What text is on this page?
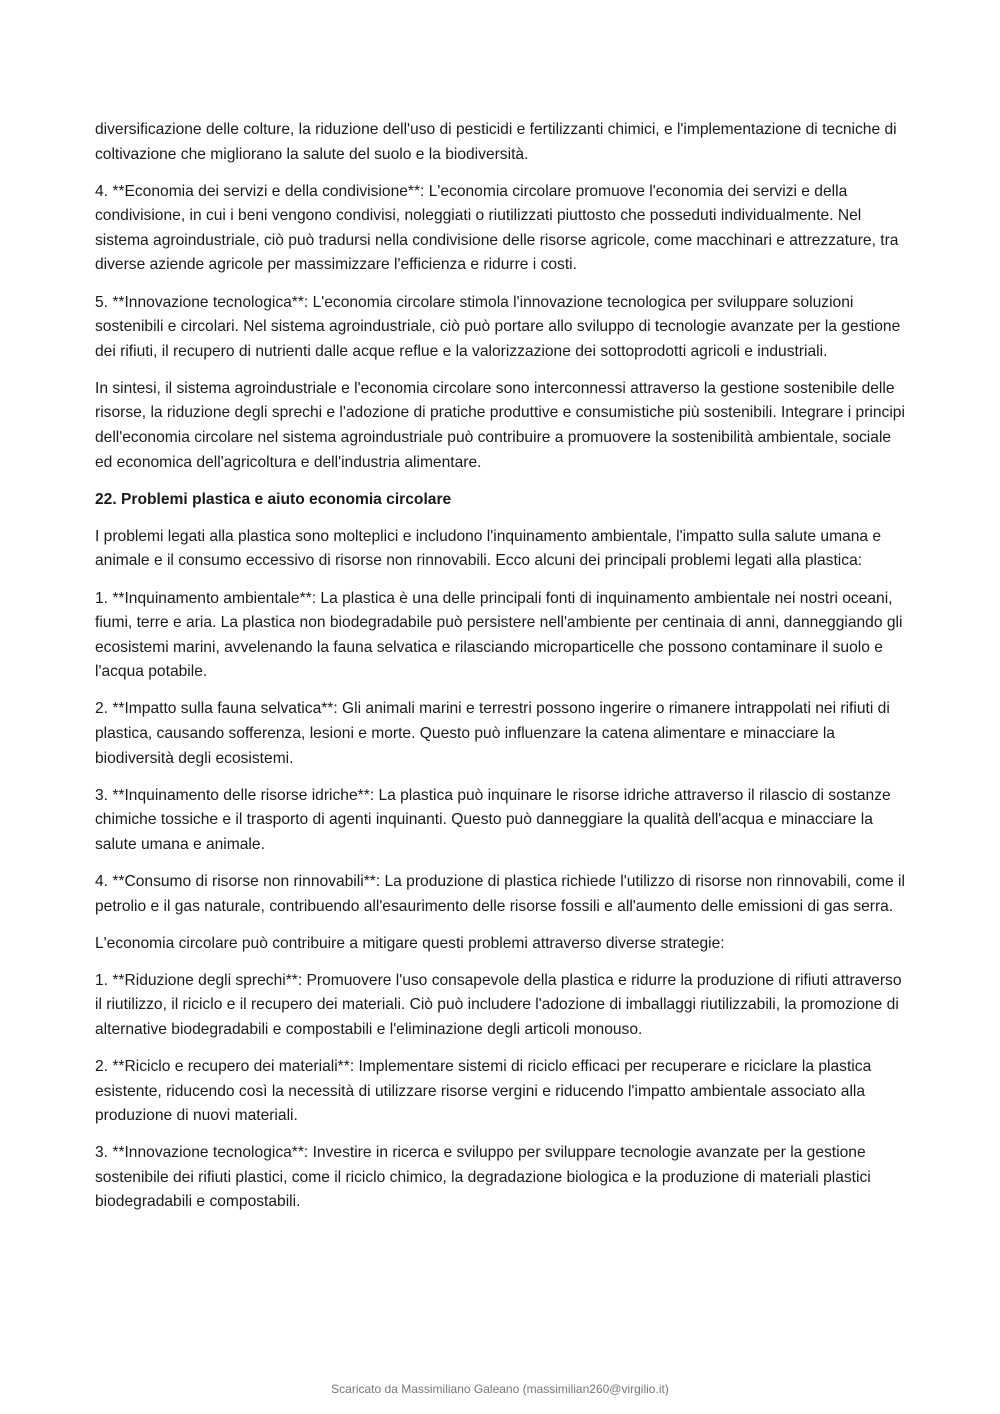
diversificazione delle colture, la riduzione dell'uso di pesticidi e fertilizzanti chimici, e l'implementazione di tecniche di coltivazione che migliorano la salute del suolo e la biodiversità.

4. **Economia dei servizi e della condivisione**: L'economia circolare promuove l'economia dei servizi e della condivisione, in cui i beni vengono condivisi, noleggiati o riutilizzati piuttosto che posseduti individualmente. Nel sistema agroindustriale, ciò può tradursi nella condivisione delle risorse agricole, come macchinari e attrezzature, tra diverse aziende agricole per massimizzare l'efficienza e ridurre i costi.

5. **Innovazione tecnologica**: L'economia circolare stimola l'innovazione tecnologica per sviluppare soluzioni sostenibili e circolari. Nel sistema agroindustriale, ciò può portare allo sviluppo di tecnologie avanzate per la gestione dei rifiuti, il recupero di nutrienti dalle acque reflue e la valorizzazione dei sottoprodotti agricoli e industriali.

In sintesi, il sistema agroindustriale e l'economia circolare sono interconnessi attraverso la gestione sostenibile delle risorse, la riduzione degli sprechi e l'adozione di pratiche produttive e consumistiche più sostenibili. Integrare i principi dell'economia circolare nel sistema agroindustriale può contribuire a promuovere la sostenibilità ambientale, sociale ed economica dell'agricoltura e dell'industria alimentare.

22. Problemi plastica e aiuto economia circolare

I problemi legati alla plastica sono molteplici e includono l'inquinamento ambientale, l'impatto sulla salute umana e animale e il consumo eccessivo di risorse non rinnovabili. Ecco alcuni dei principali problemi legati alla plastica:

1. **Inquinamento ambientale**: La plastica è una delle principali fonti di inquinamento ambientale nei nostri oceani, fiumi, terre e aria. La plastica non biodegradabile può persistere nell'ambiente per centinaia di anni, danneggiando gli ecosistemi marini, avvelenando la fauna selvatica e rilasciando microparticelle che possono contaminare il suolo e l'acqua potabile.

2. **Impatto sulla fauna selvatica**: Gli animali marini e terrestri possono ingerire o rimanere intrappolati nei rifiuti di plastica, causando sofferenza, lesioni e morte. Questo può influenzare la catena alimentare e minacciare la biodiversità degli ecosistemi.

3. **Inquinamento delle risorse idriche**: La plastica può inquinare le risorse idriche attraverso il rilascio di sostanze chimiche tossiche e il trasporto di agenti inquinanti. Questo può danneggiare la qualità dell'acqua e minacciare la salute umana e animale.

4. **Consumo di risorse non rinnovabili**: La produzione di plastica richiede l'utilizzo di risorse non rinnovabili, come il petrolio e il gas naturale, contribuendo all'esaurimento delle risorse fossili e all'aumento delle emissioni di gas serra.

L'economia circolare può contribuire a mitigare questi problemi attraverso diverse strategie:

1. **Riduzione degli sprechi**: Promuovere l'uso consapevole della plastica e ridurre la produzione di rifiuti attraverso il riutilizzo, il riciclo e il recupero dei materiali. Ciò può includere l'adozione di imballaggi riutilizzabili, la promozione di alternative biodegradabili e compostabili e l'eliminazione degli articoli monouso.

2. **Riciclo e recupero dei materiali**: Implementare sistemi di riciclo efficaci per recuperare e riciclare la plastica esistente, riducendo così la necessità di utilizzare risorse vergini e riducendo l'impatto ambientale associato alla produzione di nuovi materiali.

3. **Innovazione tecnologica**: Investire in ricerca e sviluppo per sviluppare tecnologie avanzate per la gestione sostenibile dei rifiuti plastici, come il riciclo chimico, la degradazione biologica e la produzione di materiali plastici biodegradabili e compostabili.

Scaricato da Massimiliano Galeano (massimilian260@virgilio.it)
